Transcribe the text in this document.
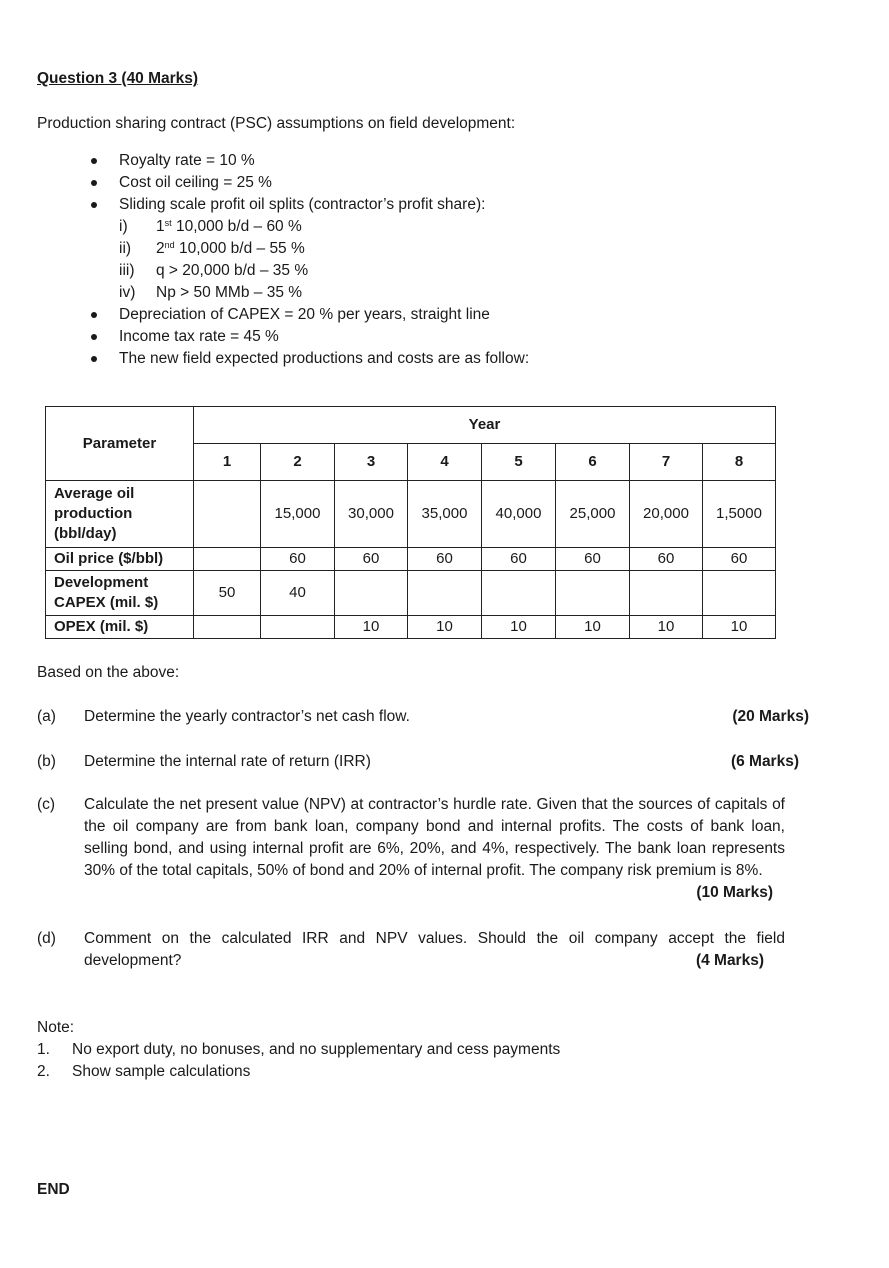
Question 3 (40 Marks)

Production sharing contract (PSC) assumptions on field development:
Royalty rate = 10 %
Cost oil ceiling = 25 %
Sliding scale profit oil splits (contractor’s profit share):
i)	1st 10,000 b/d – 60 %
ii)	2nd 10,000 b/d – 55 %
iii)	q > 20,000 b/d – 35 %
iv)	Np > 50 MMb – 35 %
Depreciation of CAPEX = 20 % per years, straight line
Income tax rate = 45 %
The new field expected productions and costs are as follow:
Parameter	Year							
	1	2	3	4	5	6	7	8
Average oil production (bbl/day)		15,000	30,000	35,000	40,000	25,000	20,000	1,5000
Oil price ($/bbl)		60	60	60	60	60	60	60
Development CAPEX (mil. $)	50	40						
OPEX (mil. $)			10	10	10	10	10	10
Based on the above:
(a) Determine the yearly contractor’s net cash flow.	(20 Marks)
(b) Determine the internal rate of return (IRR)	(6 Marks)
(c) Calculate the net present value (NPV) at contractor’s hurdle rate. Given that the sources of capitals of the oil company are from bank loan, company bond and internal profits. The costs of bank loan, selling bond, and using internal profit are 6%, 20%, and 4%, respectively. The bank loan represents 30% of the total capitals, 50% of bond and 20% of internal profit. The company risk premium is 8%.
(10 Marks)
(d) Comment on the calculated IRR and NPV values. Should the oil company accept the field development?	(4 Marks)
Note:
1.	No export duty, no bonuses, and no supplementary and cess payments
2.	Show sample calculations
END
